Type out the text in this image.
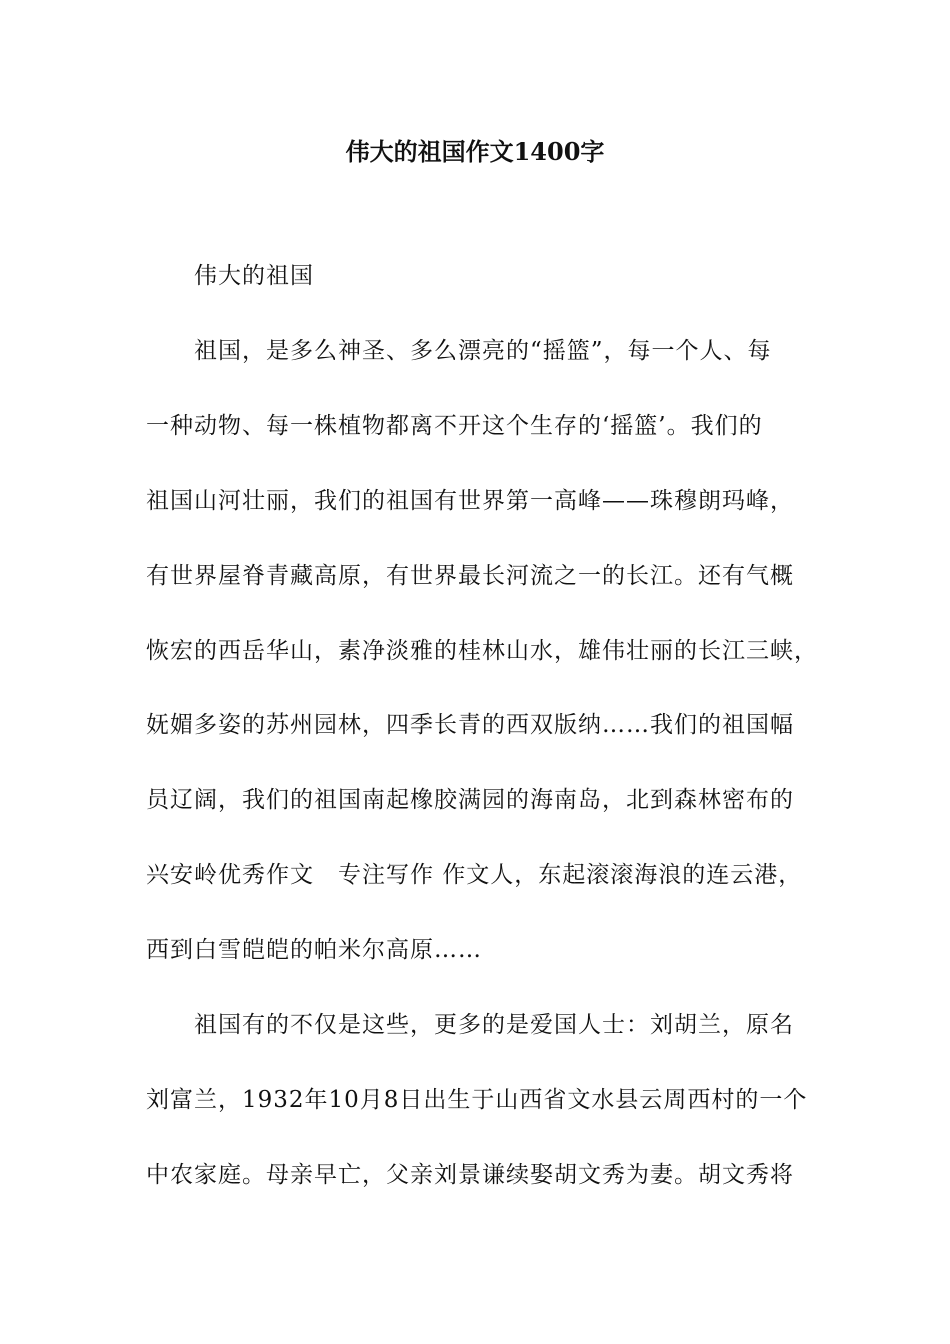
伟大的祖国作文1400字
伟大的祖国
祖国，是多么神圣、多么漂亮的“摇篮”，每一个人、每
一种动物、每一株植物都离不开这个生存的‘摇篮’。我们的
祖国山河壮丽，我们的祖国有世界第一高峰——珠穆朗玛峰，
有世界屋脊青藏高原，有世界最长河流之一的长江。还有气概
恢宏的西岳华山，素净淡雅的桂林山水，雄伟壮丽的长江三峡，
妩媚多姿的苏州园林，四季长青的西双版纳……我们的祖国幅
员辽阔，我们的祖国南起橡胶满园的海南岛，北到森林密布的
兴安岭优秀作文　专注写作 作文人，东起滚滚海浪的连云港，
西到白雪皑皑的帕米尔高原……
祖国有的不仅是这些，更多的是爱国人士：刘胡兰，原名
刘富兰，1932年10月8日出生于山西省文水县云周西村的一个
中农家庭。母亲早亡，父亲刘景谦续娶胡文秀为妻。胡文秀将
